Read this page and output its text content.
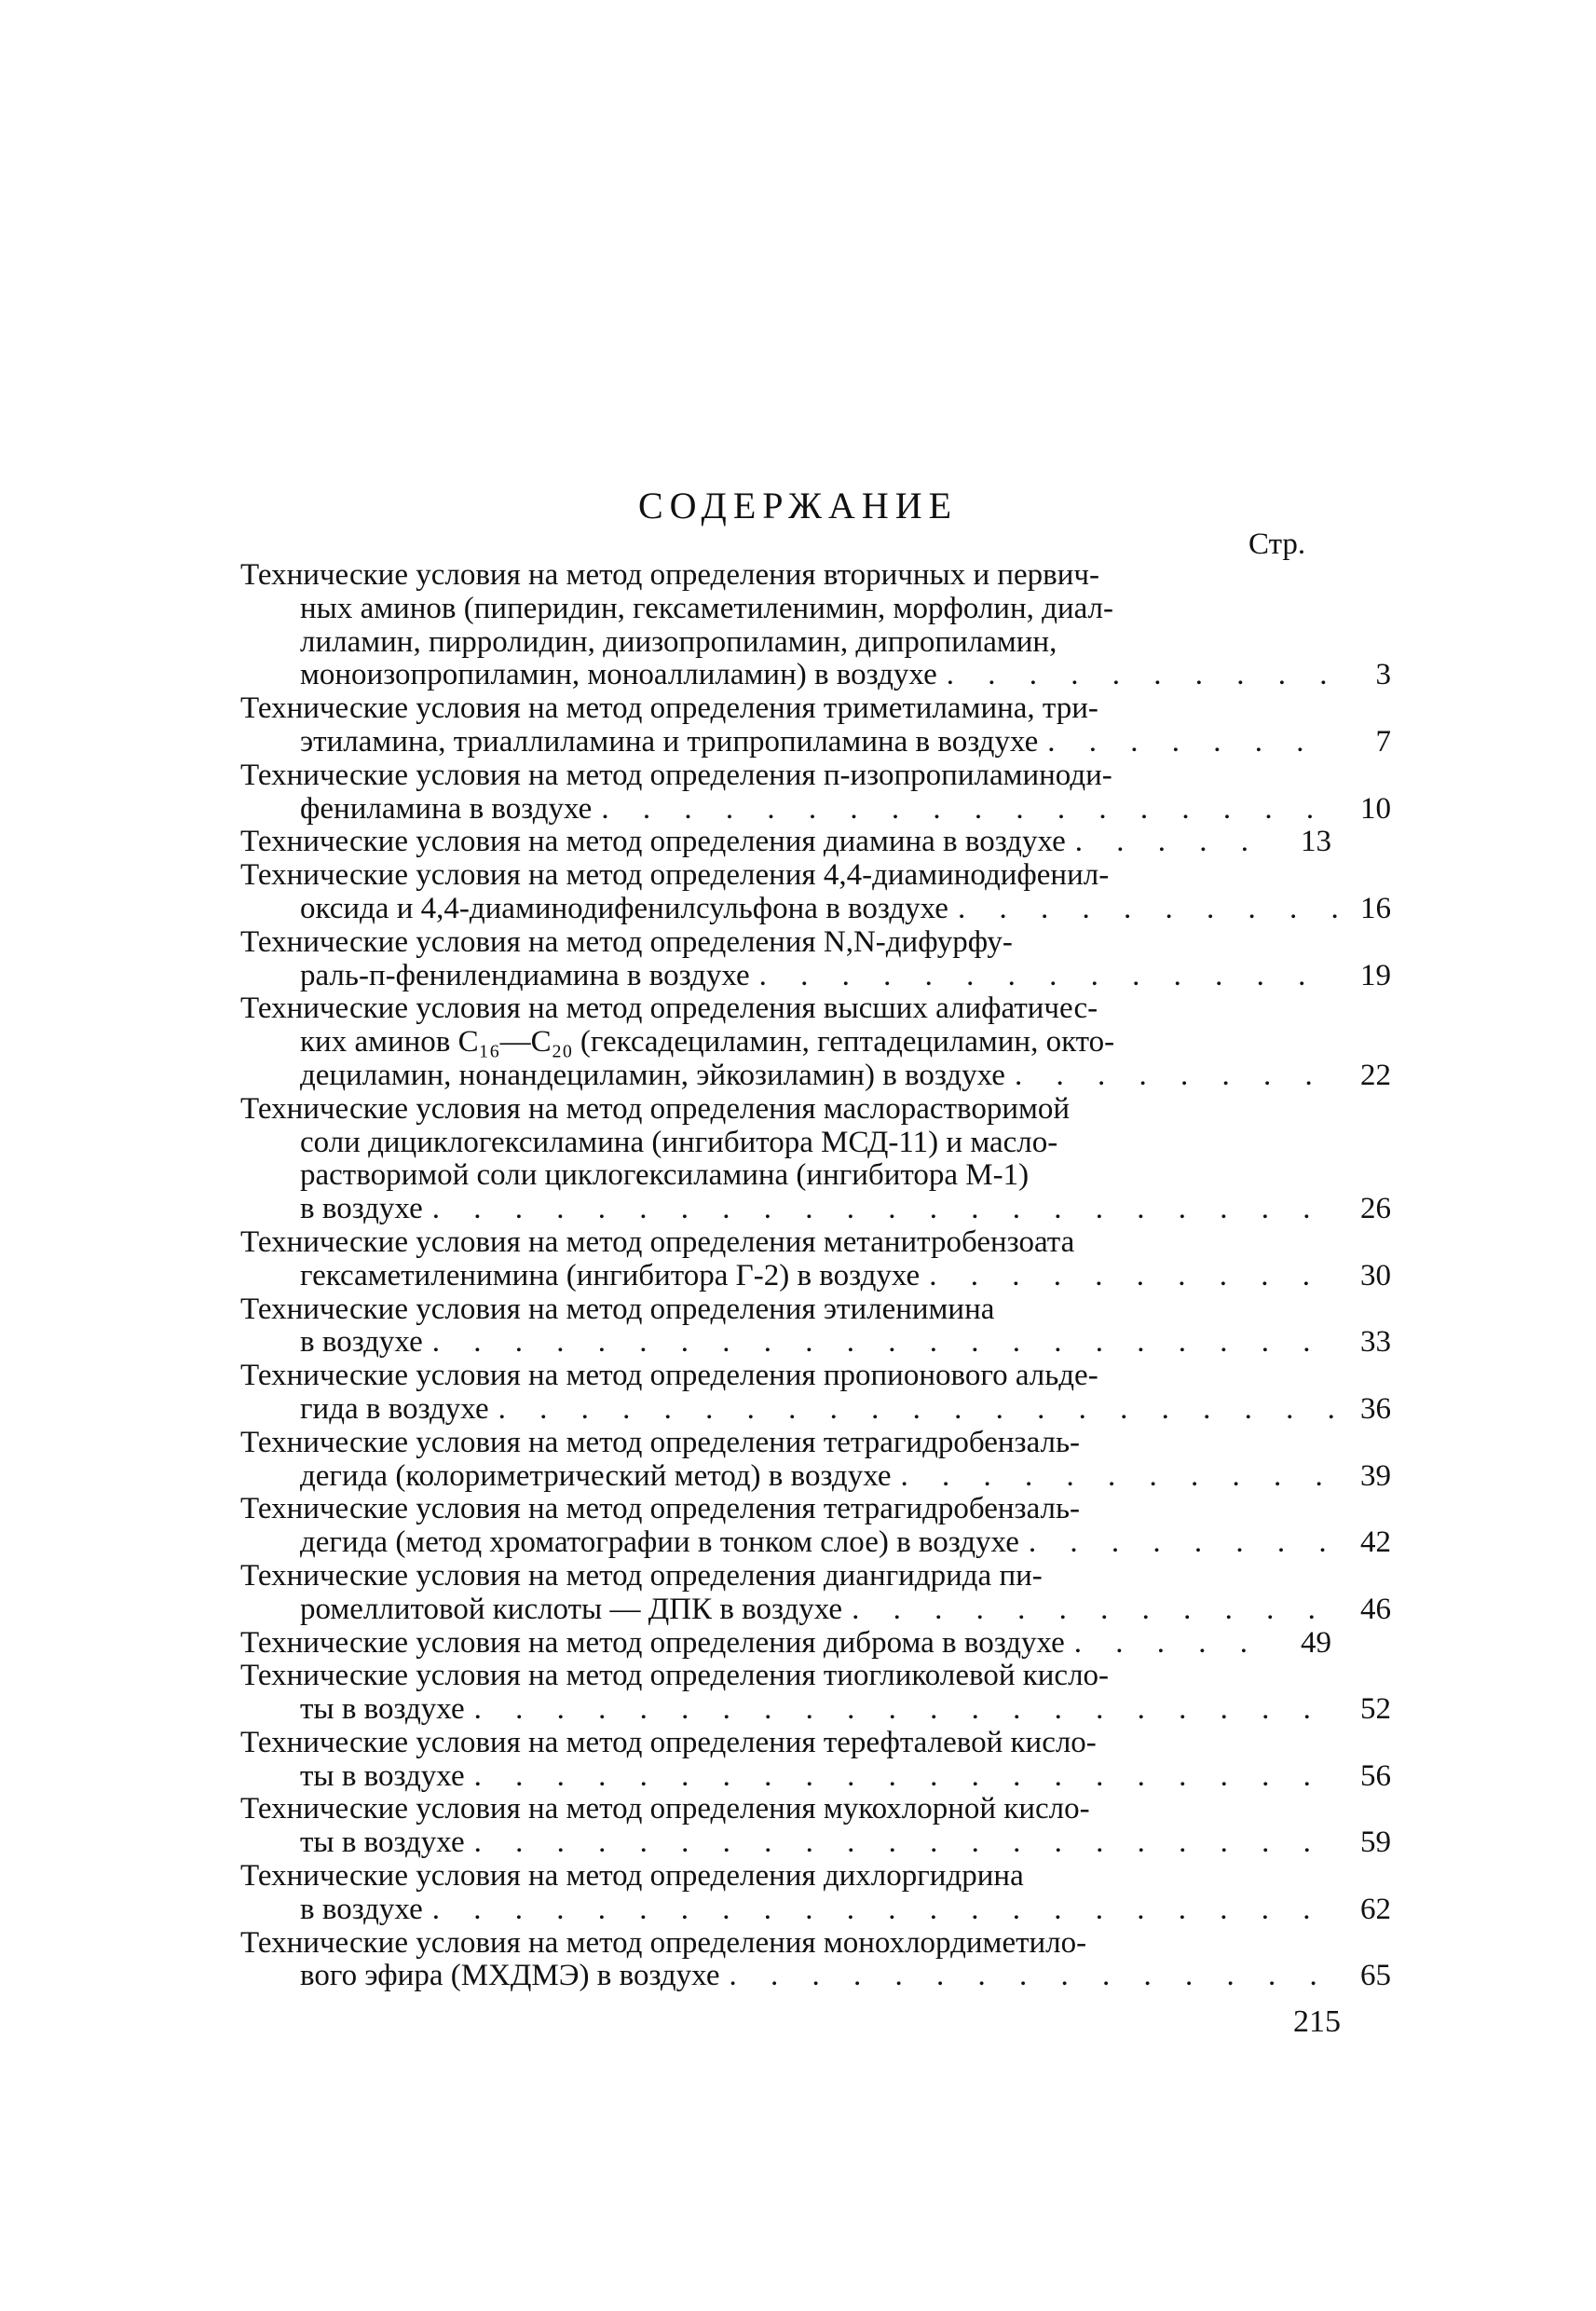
СОДЕРЖАНИЕ
Стр.
Технические условия на метод определения вторичных и первич-
ных аминов (пиперидин, гексаметиленимин, морфолин, диал-
лиламин, пирролидин, диизопропиламин, дипропиламин,
моноизопропиламин, моноаллиламин) в воздухе . . .	3
Технические условия на метод определения триметиламина, три-
этиламина, триаллиламина и трипропиламина в воздухе . . .	7
Технические условия на метод определения п-изопропиламиноди-
фениламина в воздухе . . .	10
Технические условия на метод определения диамина в воздухе . . .	13
Технические условия на метод определения 4,4-диаминодифенил-
оксида и 4,4-диаминодифенилсульфона в воздухе . . .	16
Технические условия на метод определения N,N-дифурфу-
раль-п-фенилендиамина в воздухе . . .	19
Технические условия на метод определения высших алифатичес-
ких аминов C₁₆—C₂₀ (гексадециламин, гептадециламин, окто-
дециламин, нонандециламин, эйкозиламин) в воздухе . . .	22
Технические условия на метод определения маслорастворимой
соли дициклогексиламина (ингибитора МСД-11) и масло-
растворимой соли циклогексиламина (ингибитора М-1)
в воздухе . . .	26
Технические условия на метод определения метанитробензоата
гексаметиленимина (ингибитора Г-2) в воздухе . . .	30
Технические условия на метод определения этиленимина
в воздухе . . .	33
Технические условия на метод определения пропионового альде-
гида в воздухе . . .	36
Технические условия на метод определения тетрагидробензаль-
дегида (колориметрический метод) в воздухе . . .	39
Технические условия на метод определения тетрагидробензаль-
дегида (метод хроматографии в тонком слое) в воздухе . . .	42
Технические условия на метод определения диангидрида пи-
ромеллитовой кислоты — ДПК в воздухе . . .	46
Технические условия на метод определения диброма в воздухе . . .	49
Технические условия на метод определения тиогликолевой кисло-
ты в воздухе . . .	52
Технические условия на метод определения терефталевой кисло-
ты в воздухе . . .	56
Технические условия на метод определения мукохлорной кисло-
ты в воздухе . . .	59
Технические условия на метод определения дихлоргидрина
в воздухе . . .	62
Технические условия на метод определения монохлордиметило-
вого эфира (МХДМЭ) в воздухе . . .	65
215
